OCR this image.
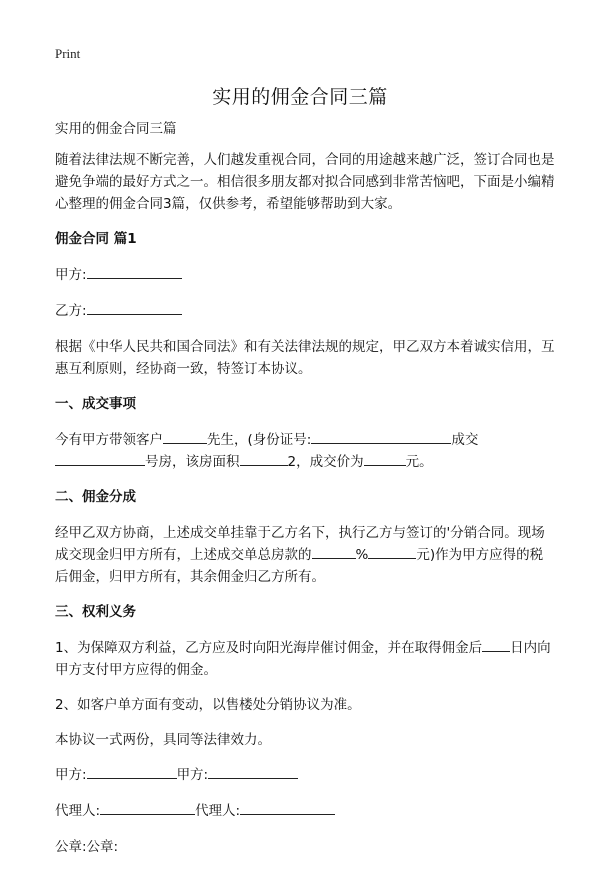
Print
实用的佣金合同三篇

实用的佣金合同三篇

随着法律法规不断完善，人们越发重视合同，合同的用途越来越广泛，签订合同也是避免争端的最好方式之一。相信很多朋友都对拟合同感到非常苦恼吧，下面是小编精心整理的佣金合同3篇，仅供参考，希望能够帮助到大家。

佣金合同 篇1

甲方:

乙方:

根据《中华人民共和国合同法》和有关法律法规的规定，甲乙双方本着诚实信用，互惠互利原则，经协商一致，特签订本协议。

一、成交事项

今有甲方带领客户	先生，(身份证号:	成交号房，该房面积	2，成交价为	元。

二、佣金分成

经甲乙双方协商，上述成交单挂靠于乙方名下，执行乙方与签订的'分销合同。现场成交现金归甲方所有，上述成交单总房款的	%	元)作为甲方应得的税后佣金，归甲方所有，其余佣金归乙方所有。

三、权利义务

1、为保障双方利益，乙方应及时向阳光海岸催讨佣金，并在取得佣金后 日内向甲方支付甲方应得的佣金。

2、如客户单方面有变动，以售楼处分销协议为准。

本协议一式两份，具同等法律效力。

甲方:	甲方:

代理人:	代理人:

公章:公章:
